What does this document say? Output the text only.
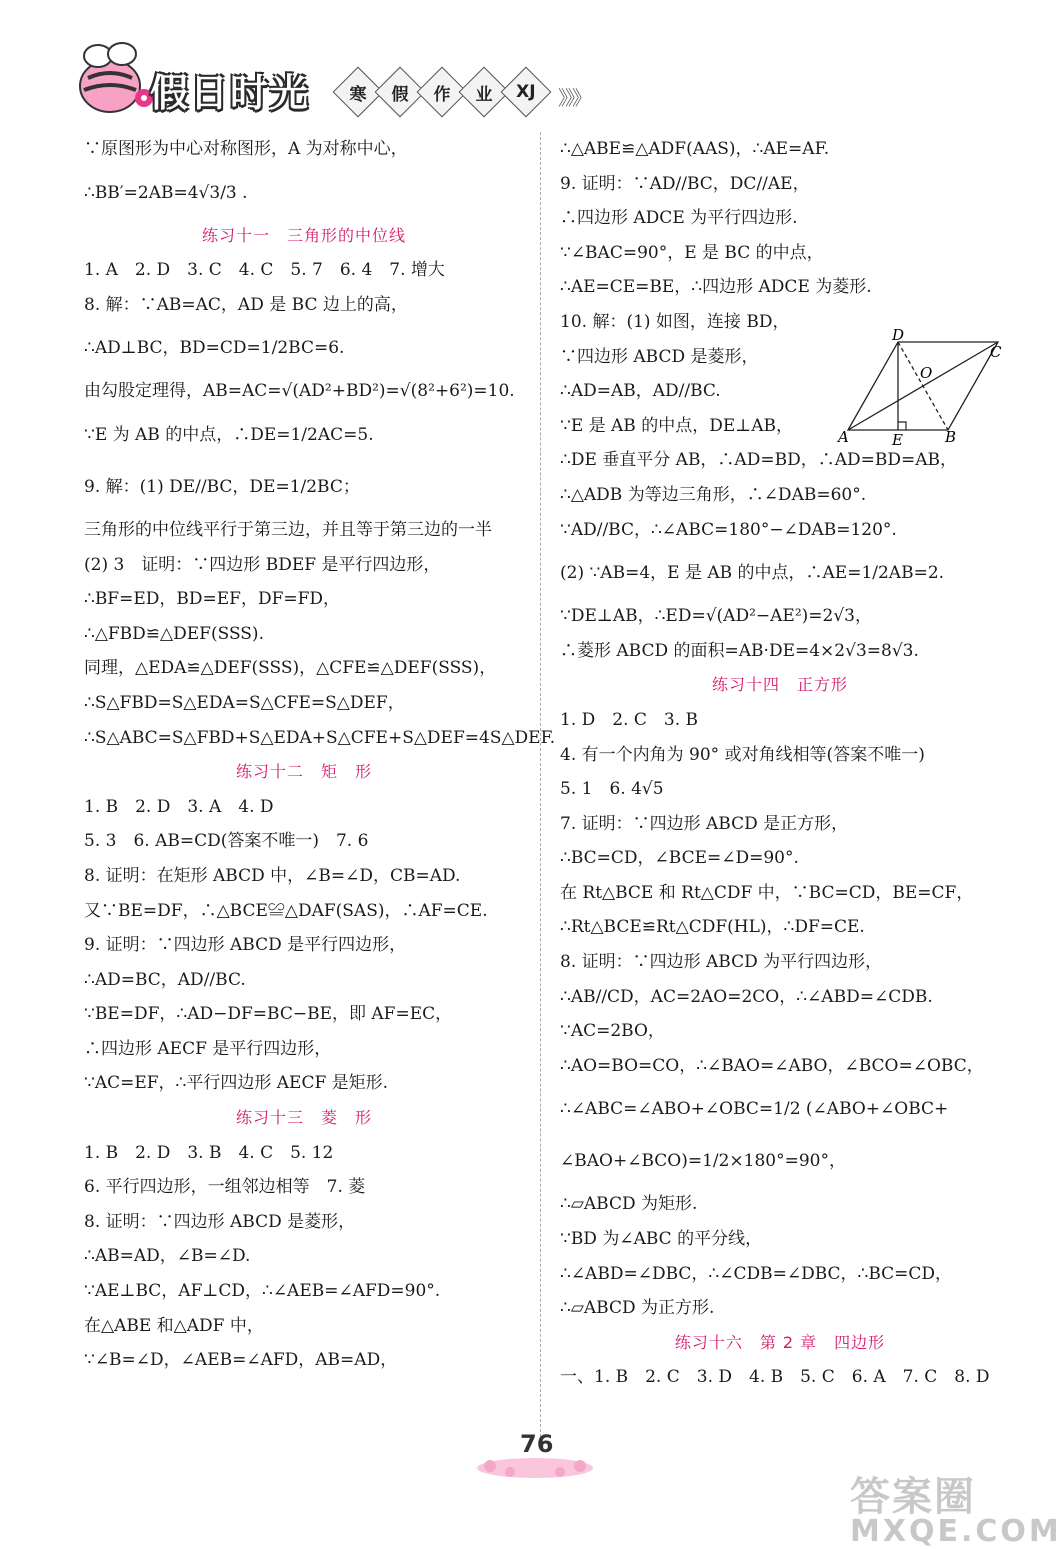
假日时光 寒 假 作 业 XJ 》》》
∵原图形为中心对称图形，A 为对称中心，
∴BB′=2AB=4√3/3 .
练习十一　三角形的中位线
1. A　2. D　3. C　4. C　5. 7　6. 4　7. 增大
8. 解：∵AB=AC，AD 是 BC 边上的高，
∴AD⊥BC，BD=CD=1/2BC=6.
由勾股定理得，AB=AC=√(AD²+BD²)=√(8²+6²)=10.
∵E 为 AB 的中点，∴DE=1/2AC=5.
9. 解：(1) DE//BC，DE=1/2BC；
三角形的中位线平行于第三边，并且等于第三边的一半
(2) 3　证明：∵四边形 BDEF 是平行四边形，
∴BF=ED，BD=EF，DF=FD，
∴△FBD≌△DEF(SSS).
同理，△EDA≌△DEF(SSS)，△CFE≌△DEF(SSS)，
∴S△FBD=S△EDA=S△CFE=S△DEF，
∴S△ABC=S△FBD+S△EDA+S△CFE+S△DEF=4S△DEF.
练习十二　矩　形
1. B　2. D　3. A　4. D
5. 3　6. AB=CD(答案不唯一)　7. 6
8. 证明：在矩形 ABCD 中，∠B=∠D，CB=AD.
又∵BE=DF，∴△BCE≌△DAF(SAS)，∴AF=CE.
9. 证明：∵四边形 ABCD 是平行四边形，
∴AD=BC，AD//BC.
∵BE=DF，∴AD−DF=BC−BE，即 AF=EC，
∴四边形 AECF 是平行四边形，
∵AC=EF，∴平行四边形 AECF 是矩形.
练习十三　菱　形
1. B　2. D　3. B　4. C　5. 12
6. 平行四边形，一组邻边相等　7. 菱
8. 证明：∵四边形 ABCD 是菱形，
∴AB=AD，∠B=∠D.
∵AE⊥BC，AF⊥CD，∴∠AEB=∠AFD=90°.
在△ABE 和△ADF 中，
∵∠B=∠D，∠AEB=∠AFD，AB=AD，
∴△ABE≌△ADF(AAS)，∴AE=AF.
9. 证明：∵AD//BC，DC//AE，
∴四边形 ADCE 为平行四边形.
∵∠BAC=90°，E 是 BC 的中点，
∴AE=CE=BE，∴四边形 ADCE 为菱形.
10. 解：(1) 如图，连接 BD，
∵四边形 ABCD 是菱形，
∴AD=AB，AD//BC.
∵E 是 AB 的中点，DE⊥AB，
∴DE 垂直平分 AB，∴AD=BD，∴AD=BD=AB，
∴△ADB 为等边三角形，∴∠DAB=60°.
∵AD//BC，∴∠ABC=180°−∠DAB=120°.
(2) ∵AB=4，E 是 AB 的中点，∴AE=1/2AB=2.
∵DE⊥AB，∴ED=√(AD²−AE²)=2√3，
∴菱形 ABCD 的面积=AB·DE=4×2√3=8√3.
练习十四　正方形
1. D　2. C　3. B
4. 有一个内角为 90° 或对角线相等(答案不唯一)
5. 1　6. 4√5
7. 证明：∵四边形 ABCD 是正方形，
∴BC=CD，∠BCE=∠D=90°.
在 Rt△BCE 和 Rt△CDF 中，∵BC=CD，BE=CF，
∴Rt△BCE≌Rt△CDF(HL)，∴DF=CE.
8. 证明：∵四边形 ABCD 为平行四边形，
∴AB//CD，AC=2AO=2CO，∴∠ABD=∠CDB.
∵AC=2BO，
∴AO=BO=CO，∴∠BAO=∠ABO，∠BCO=∠OBC，
∴∠ABC=∠ABO+∠OBC=1/2 (∠ABO+∠OBC+
∠BAO+∠BCO)=1/2×180°=90°，
∴▱ABCD 为矩形.
∵BD 为∠ABC 的平分线，
∴∠ABD=∠DBC，∴∠CDB=∠DBC，∴BC=CD，
∴▱ABCD 为正方形.
练习十六　第 2 章　四边形
一、1. B　2. C　3. D　4. B　5. C　6. A　7. C　8. D
A	B
C
D
E
O
76
答案圈
MXQE.COM
